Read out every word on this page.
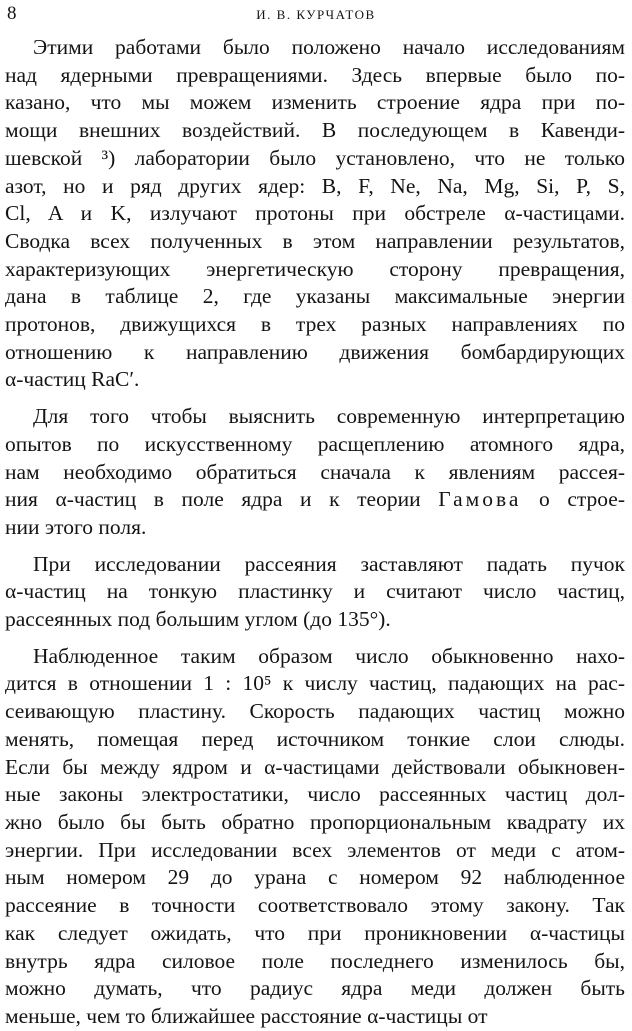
8	И. В. КУРЧАТОВ
Этими работами было положено начало исследованиям
над ядерными превращениями. Здесь впервые было по-
казано, что мы можем изменить строение ядра при по-
мощи внешних воздействий. В последующем в Кавенди-
шевской ³) лаборатории было установлено, что не только
азот, но и ряд других ядер: B, F, Ne, Na, Mg, Si, P, S,
Cl, A и K, излучают протоны при обстреле α-частицами.
Сводка всех полученных в этом направлении результатов,
характеризующих энергетическую сторону превращения,
дана в таблице 2, где указаны максимальные энергии
протонов, движущихся в трех разных направлениях по
отношению к направлению движения бомбардирующих
α-частиц RaC′.
Для того чтобы выяснить современную интерпретацию
опытов по искусственному расщеплению атомного ядра,
нам необходимо обратиться сначала к явлениям рассея-
ния α-частиц в поле ядра и к теории Гамова о строе-
нии этого поля.
При исследовании рассеяния заставляют падать пучок
α-частиц на тонкую пластинку и считают число частиц,
рассеянных под большим углом (до 135°).
Наблюденное таким образом число обыкновенно нахо-
дится в отношении 1 : 10⁵ к числу частиц, падающих на рас-
сеивающую пластину. Скорость падающих частиц можно
менять, помещая перед источником тонкие слои слюды.
Если бы между ядром и α-частицами действовали обыкновен-
ные законы электростатики, число рассеянных частиц дол-
жно было бы быть обратно пропорциональным квадрату их
энергии. При исследовании всех элементов от меди с атом-
ным номером 29 до урана с номером 92 наблюденное
рассеяние в точности соответствовало этому закону. Так
как следует ожидать, что при проникновении α-частицы
внутрь ядра силовое поле последнего изменилось бы,
можно думать, что радиус ядра меди должен быть
меньше, чем то ближайшее расстояние α-частицы от
